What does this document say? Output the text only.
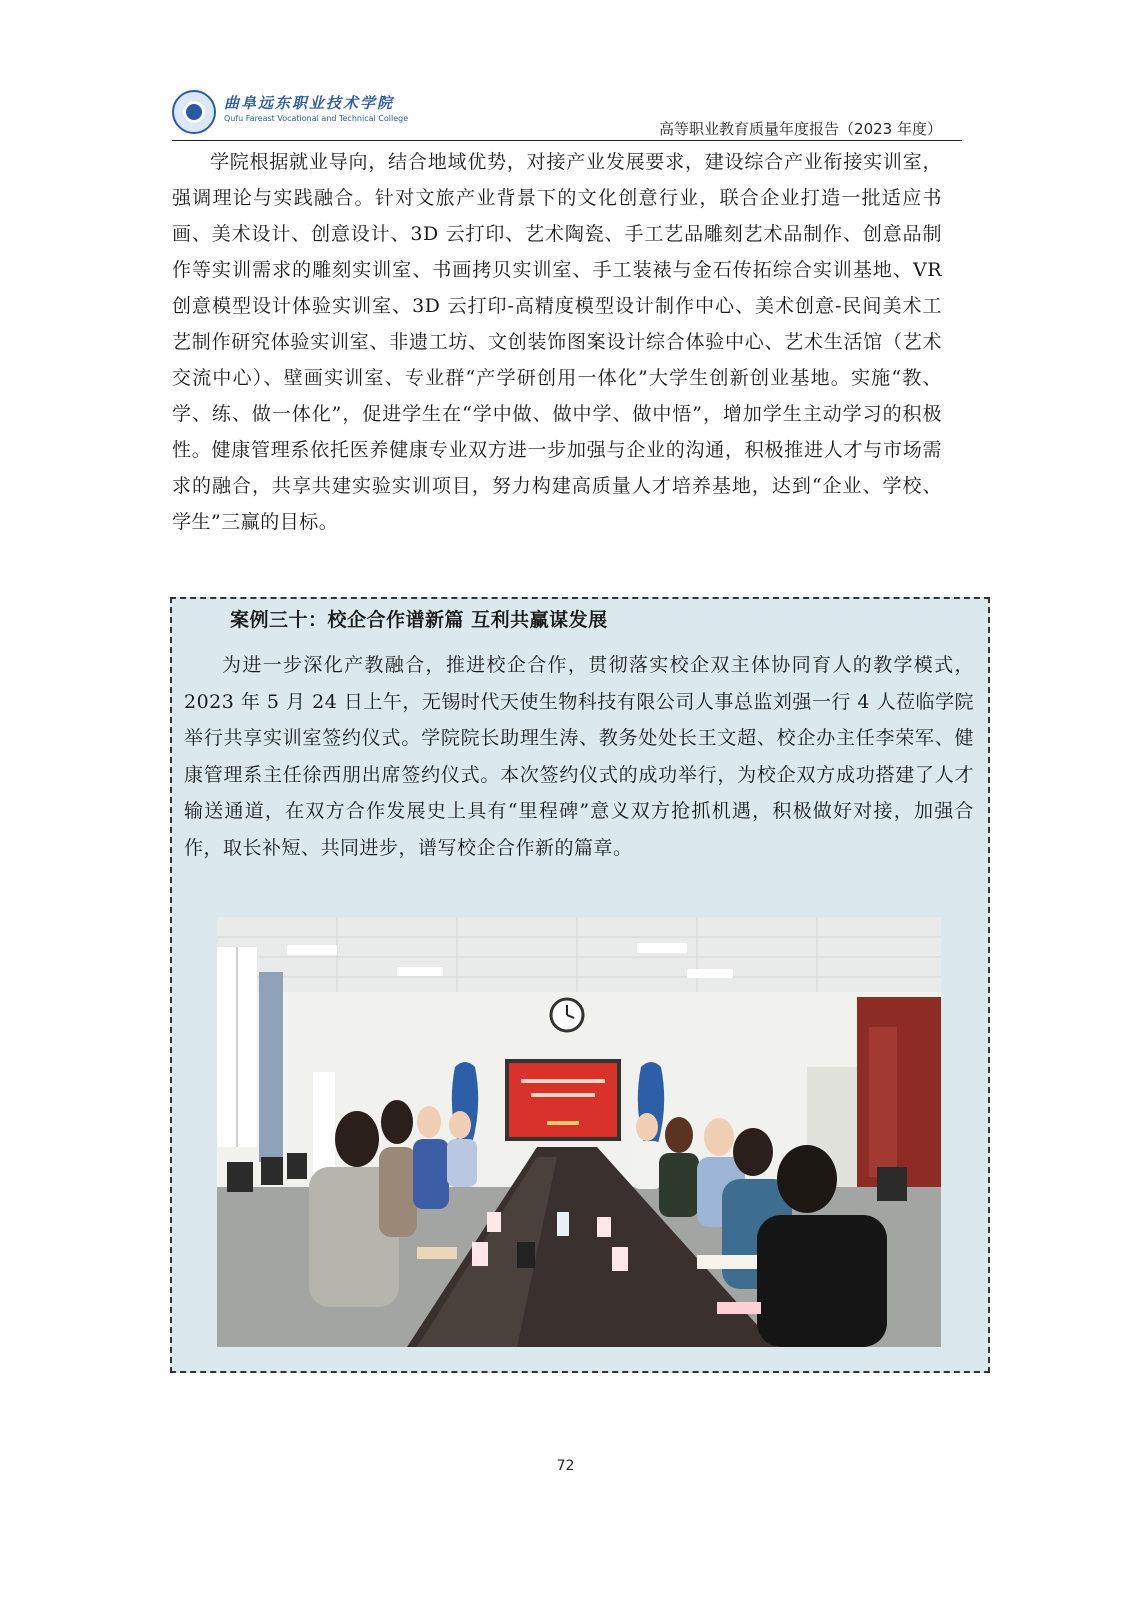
曲阜远东职业技术学院
Qufu Fareast Vocational and Technical College
高等职业教育质量年度报告（2023 年度）

学院根据就业导向，结合地域优势，对接产业发展要求，建设综合产业衔接实训室，强调理论与实践融合。针对文旅产业背景下的文化创意行业，联合企业打造一批适应书画、美术设计、创意设计、3D 云打印、艺术陶瓷、手工艺品雕刻艺术品制作、创意品制作等实训需求的雕刻实训室、书画拷贝实训室、手工装裱与金石传拓综合实训基地、VR 创意模型设计体验实训室、3D 云打印-高精度模型设计制作中心、美术创意-民间美术工艺制作研究体验实训室、非遗工坊、文创装饰图案设计综合体验中心、艺术生活馆（艺术交流中心）、壁画实训室、专业群“产学研创用一体化”大学生创新创业基地。实施“教、学、练、做一体化”，促进学生在“学中做、做中学、做中悟”，增加学生主动学习的积极性。健康管理系依托医养健康专业双方进一步加强与企业的沟通，积极推进人才与市场需求的融合，共享共建实验实训项目，努力构建高质量人才培养基地，达到“企业、学校、学生”三赢的目标。

案例三十：校企合作谱新篇 互利共赢谋发展

为进一步深化产教融合，推进校企合作，贯彻落实校企双主体协同育人的教学模式，2023 年 5 月 24 日上午，无锡时代天使生物科技有限公司人事总监刘强一行 4 人莅临学院举行共享实训室签约仪式。学院院长助理生涛、教务处处长王文超、校企办主任李荣军、健康管理系主任徐西朋出席签约仪式。本次签约仪式的成功举行，为校企双方成功搭建了人才输送通道，在双方合作发展史上具有“里程碑”意义双方抢抓机遇，积极做好对接，加强合作，取长补短、共同进步，谱写校企合作新的篇章。

72
